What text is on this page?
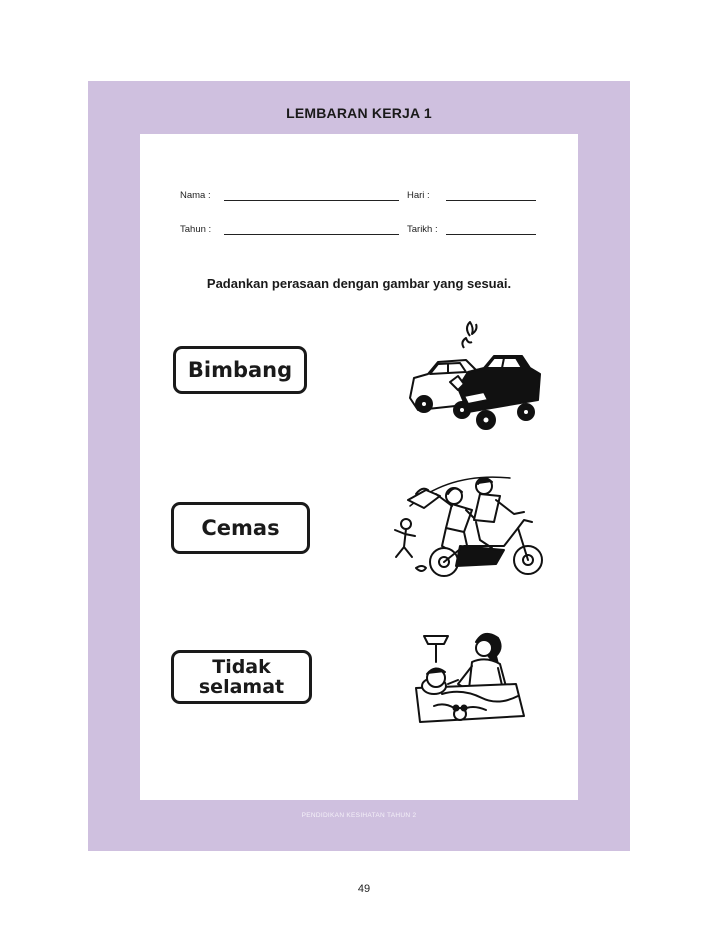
LEMBARAN KERJA 1
Nama :	Hari :
Tahun :	Tarikh :
Padankan perasaan dengan gambar yang sesuai.
Bimbang
Cemas
Tidak selamat
PENDIDIKAN KESIHATAN TAHUN 2
49
